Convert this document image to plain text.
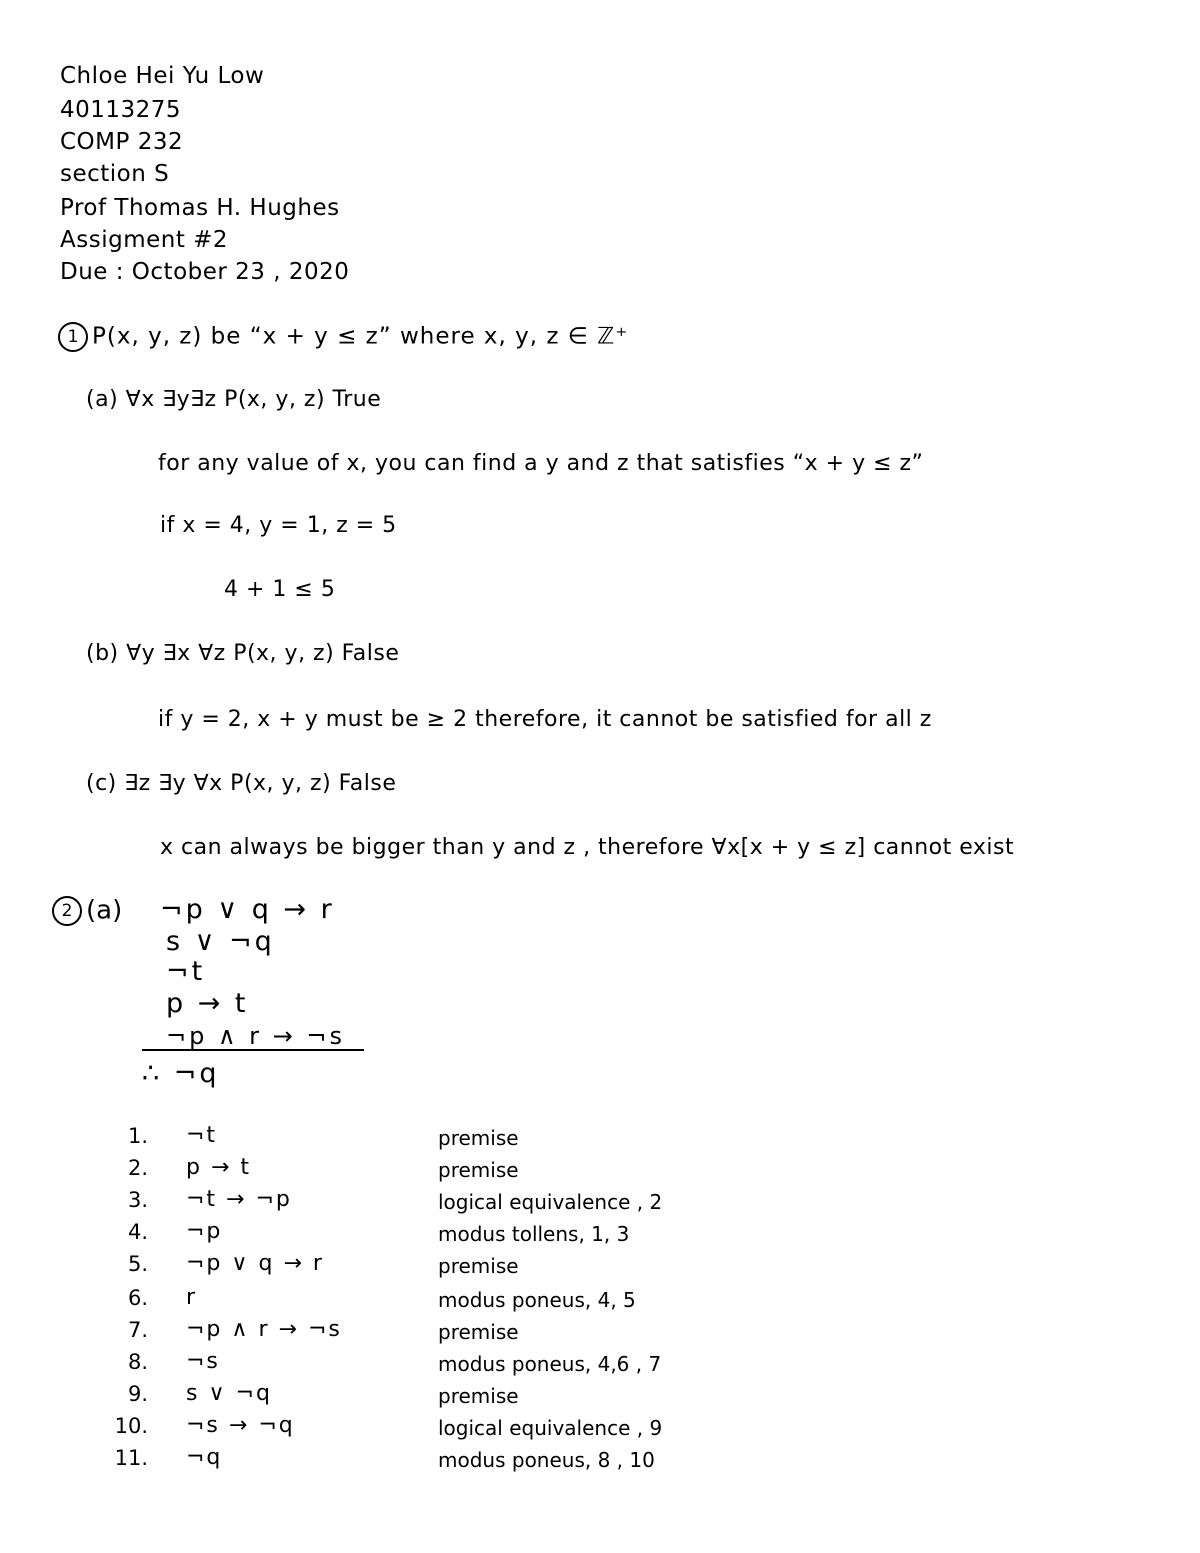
Chloe Hei Yu Low
40113275
COMP 232
section S
Prof Thomas H. Hughes
Assigment #2
Due : October 23 , 2020
1 P(x, y, z) be “x + y ≤ z” where x, y, z ∈ ℤ⁺
(a) ∀x ∃y∃z P(x, y, z) True
for any value of x, you can find a y and z that satisfies “x + y ≤ z”
if x = 4, y = 1, z = 5
4 + 1 ≤ 5
(b) ∀y ∃x ∀z P(x, y, z) False
if y = 2, x + y must be ≥ 2 therefore, it cannot be satisfied for all z
(c) ∃z ∃y ∀x P(x, y, z) False
x can always be bigger than y and z , therefore ∀x[x + y ≤ z] cannot exist
2 (a) ¬p ∨ q → r
s ∨ ¬q
¬t
p → t
¬p ∧ r → ¬s
∴ ¬q
1. ¬t	premise
2. p → t	premise
3. ¬t → ¬p	logical equivalence , 2
4. ¬p	modus tollens, 1, 3
5. ¬p ∨ q → r	premise
6. r	modus poneus, 4, 5
7. ¬p ∧ r → ¬s	premise
8. ¬s	modus poneus, 4,6 , 7
9. s ∨ ¬q	premise
10. ¬s → ¬q	logical equivalence , 9
11. ¬q	modus poneus, 8 , 10
